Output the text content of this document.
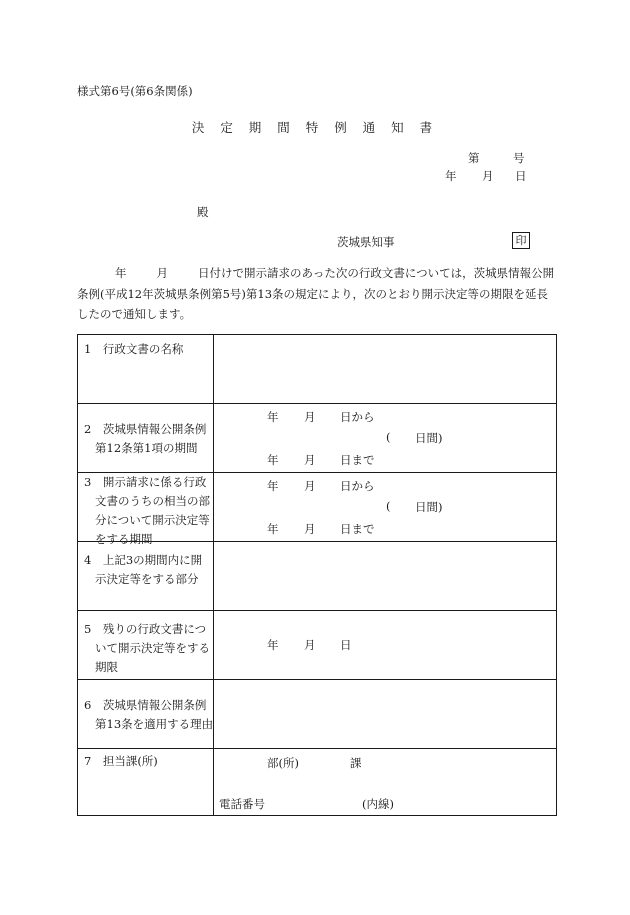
様式第6号(第6条関係)
決 定 期 間 特 例 通 知 書
第	号
年 月 日
殿
茨城県知事	印
年	月	日付けで開示請求のあった次の行政文書については，茨城県情報公開
条例(平成12年茨城県条例第5号)第13条の規定により，次のとおり開示決定等の期限を延長
したので通知します。
1　行政文書の名称
2　茨城県情報公開条例
第12条第1項の期間
年 月 日から
( 日間)
年 月 日まで
3　開示請求に係る行政
文書のうちの相当の部
分について開示決定等
をする期間
年 月 日から
( 日間)
年 月 日まで
4　上記3の期間内に開
示決定等をする部分
5　残りの行政文書につ
いて開示決定等をする
期限
年 月 日
6　茨城県情報公開条例
第13条を適用する理由
7　担当課(所)	部(所)	課
電話番号	(内線)
